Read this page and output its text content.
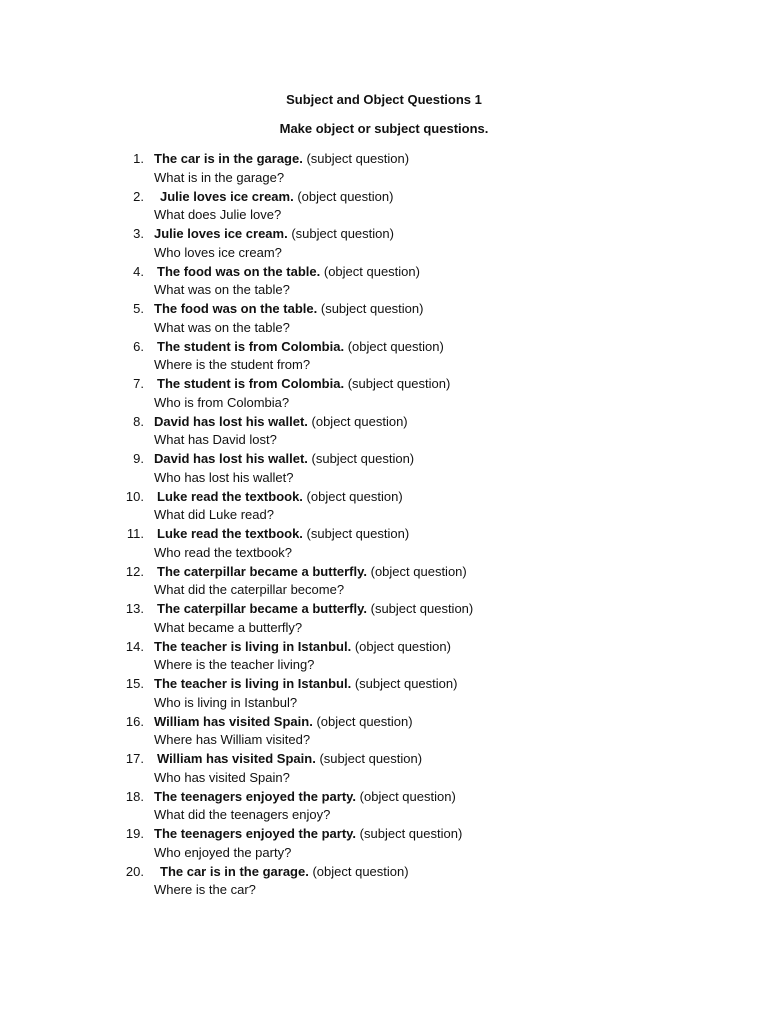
Subject and Object Questions 1
Make object or subject questions.
1. The car is in the garage. (subject question)
What is in the garage?
2.	Julie loves ice cream. (object question)
What does Julie love?
3. Julie loves ice cream. (subject question)
Who loves ice cream?
4. The food was on the table. (object question)
What was on the table?
5. The food was on the table. (subject question)
What was on the table?
6. The student is from Colombia. (object question)
Where is the student from?
7. The student is from Colombia. (subject question)
Who is from Colombia?
8. David has lost his wallet. (object question)
What has David lost?
9. David has lost his wallet. (subject question)
Who has lost his wallet?
10. Luke read the textbook. (object question)
What did Luke read?
11. Luke read the textbook. (subject question)
Who read the textbook?
12. The caterpillar became a butterfly. (object question)
What did the caterpillar become?
13. The caterpillar became a butterfly. (subject question)
What became a butterfly?
14. The teacher is living in Istanbul. (object question)
Where is the teacher living?
15. The teacher is living in Istanbul. (subject question)
Who is living in Istanbul?
16. William has visited Spain. (object question)
Where has William visited?
17. William has visited Spain. (subject question)
Who has visited Spain?
18. The teenagers enjoyed the party. (object question)
What did the teenagers enjoy?
19. The teenagers enjoyed the party. (subject question)
Who enjoyed the party?
20.	The car is in the garage. (object question)
Where is the car?
